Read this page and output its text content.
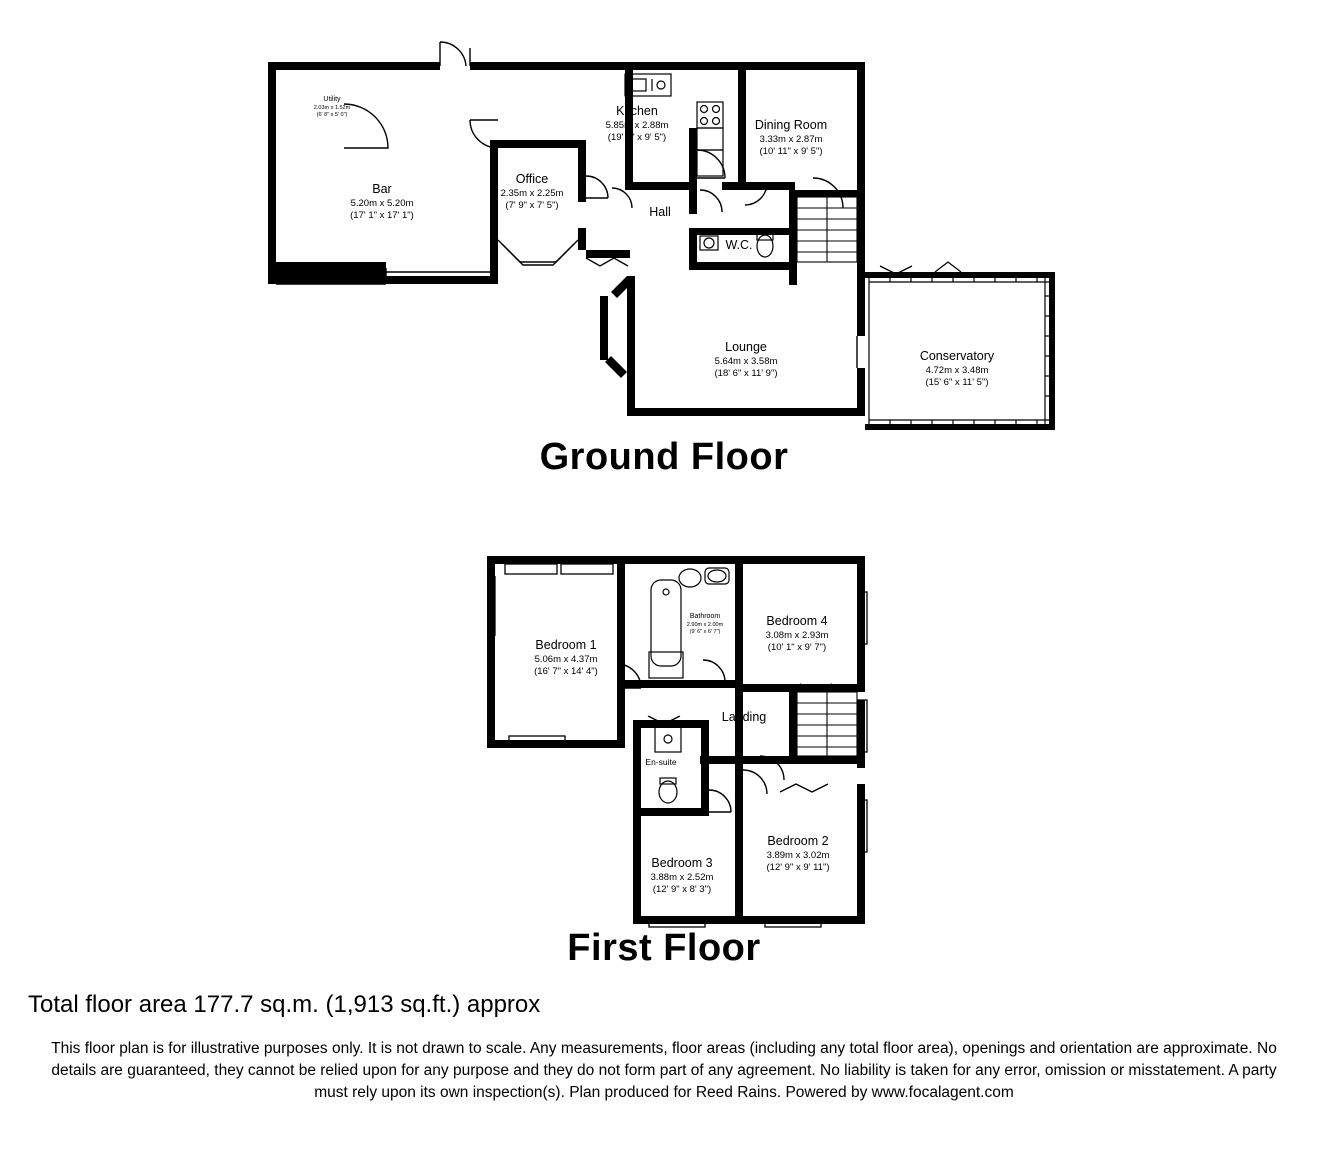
Utility
2.03m x 1.52m
(6' 8" x 5' 0")	Kitchen
5.85m x 2.88m
(19' 2" x 9' 5")
Dining Room
3.33m x 2.87m
(10' 11" x 9' 5")
Bar
5.20m x 5.20m
(17' 1" x 17' 1")
Office
2.35m x 2.25m
(7' 9" x 7' 5")	Hall
W.C.
Lounge
5.64m x 3.58m
(18' 6" x 11' 9")
Conservatory
4.72m x 3.48m
(15' 6" x 11' 5")
Ground Floor
Bedroom 1
5.06m x 4.37m
(16' 7" x 14' 4")
Bathroom
2.90m x 2.00m
(9' 6" x 6' 7")
Bedroom 4
3.08m x 2.93m
(10' 1" x 9' 7")
Landing
En-suite
Bedroom 3
3.88m x 2.52m
(12' 9" x 8' 3")
Bedroom 2
3.89m x 3.02m
(12' 9" x 9' 11")
First Floor
Total floor area 177.7 sq.m. (1,913 sq.ft.) approx
This floor plan is for illustrative purposes only. It is not drawn to scale. Any measurements, floor areas (including any total floor area), openings and orientation are approximate. No details are guaranteed, they cannot be relied upon for any purpose and they do not form part of any agreement. No liability is taken for any error, omission or misstatement. A party must rely upon its own inspection(s). Plan produced for Reed Rains. Powered by www.focalagent.com
